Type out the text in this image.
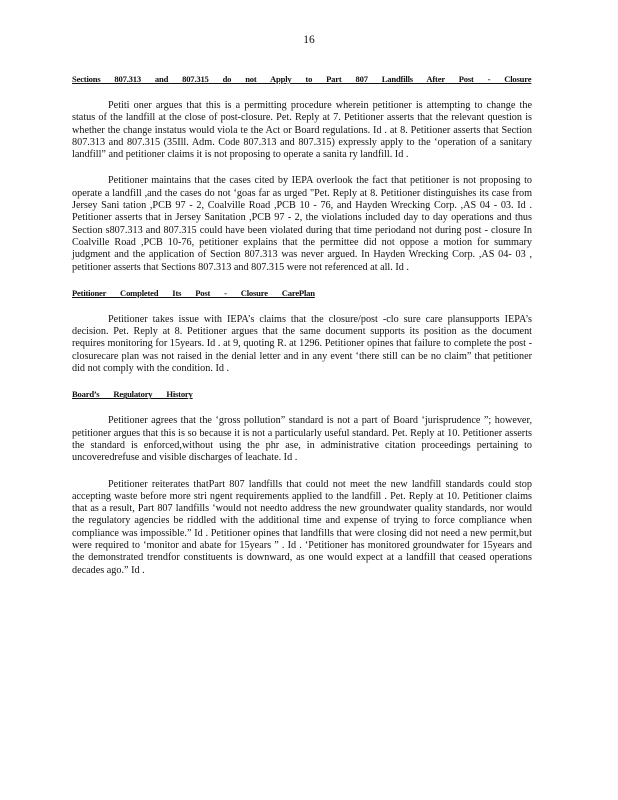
16

Sections 807.313 and 807.315 do not Apply to Part 807 Landfills After Post - Closure

Petiti oner argues that this is a permitting procedure wherein petitioner is attempting to change the status of the landfill at the close of post-closure. Pet. Reply at 7. Petitioner asserts that the relevant question is whether the change instatus would viola te the Act or Board regulations. Id . at 8. Petitioner asserts that Section 807.313 and 807.315 (35Ill. Adm. Code 807.313 and 807.315) expressly apply to the ‘operation of a sanitary landfill” and petitioner claims it is not proposing to operate a sanita ry landfill. Id .

Petitioner maintains that the cases cited by IEPA overlook the fact that petitioner is not proposing to operate a landfill ,and the cases do not ‘goas far as urged "Pet. Reply at 8. Petitioner distinguishes its case from Jersey Sani tation ,PCB 97 - 2, Coalville Road ,PCB 10 - 76, and Hayden Wrecking Corp. ,AS 04 - 03. Id . Petitioner asserts that in Jersey Sanitation ,PCB 97 - 2, the violations included day to day operations and thus Section s807.313 and 807.315 could have been violated during that time periodand not during post - closure In Coalville Road ,PCB 10-76, petitioner explains that the permittee did not oppose a motion for summary judgment and the application of Section 807.313 was never argued. In Hayden Wrecking Corp. ,AS 04- 03 , petitioner asserts that Sections 807.313 and 807.315 were not referenced at all. Id .

Petitioner Completed Its Post - Closure CarePlan

Petitioner takes issue with IEPA’s claims that the closure/post -clo sure care plansupports IEPA’s decision. Pet. Reply at 8. Petitioner argues that the same document supports its position as the document requires monitoring for 15years. Id . at 9, quoting R. at 1296. Petitioner opines that failure to complete the post -closurecare plan was not raised in the denial letter and in any event ‘there still can be no claim” that petitioner did not comply with the condition. Id .

Board’s Regulatory History

Petitioner agrees that the ‘gross pollution” standard is not a part of Board ‘jurisprudence ”; however, petitioner argues that this is so because it is not a particularly useful standard. Pet. Reply at 10. Petitioner asserts the standard is enforced,without using the phr ase, in administrative citation proceedings pertaining to uncoveredrefuse and visible discharges of leachate. Id .

Petitioner reiterates thatPart 807 landfills that could not meet the new landfill standards could stop accepting waste before more stri ngent requirements applied to the landfill . Pet. Reply at 10. Petitioner claims that as a result, Part 807 landfills ‘would not needto address the new groundwater quality standards, nor would the regulatory agencies be riddled with the additional time and expense of trying to force compliance when compliance was impossible.” Id . Petitioner opines that landfills that were closing did not need a new permit,but were required to ‘monitor and abate for 15years ” . Id . ‘Petitioner has monitored groundwater for 15years and the demonstrated trendfor constituents is downward, as one would expect at a landfill that ceased operations decades ago.” Id .
